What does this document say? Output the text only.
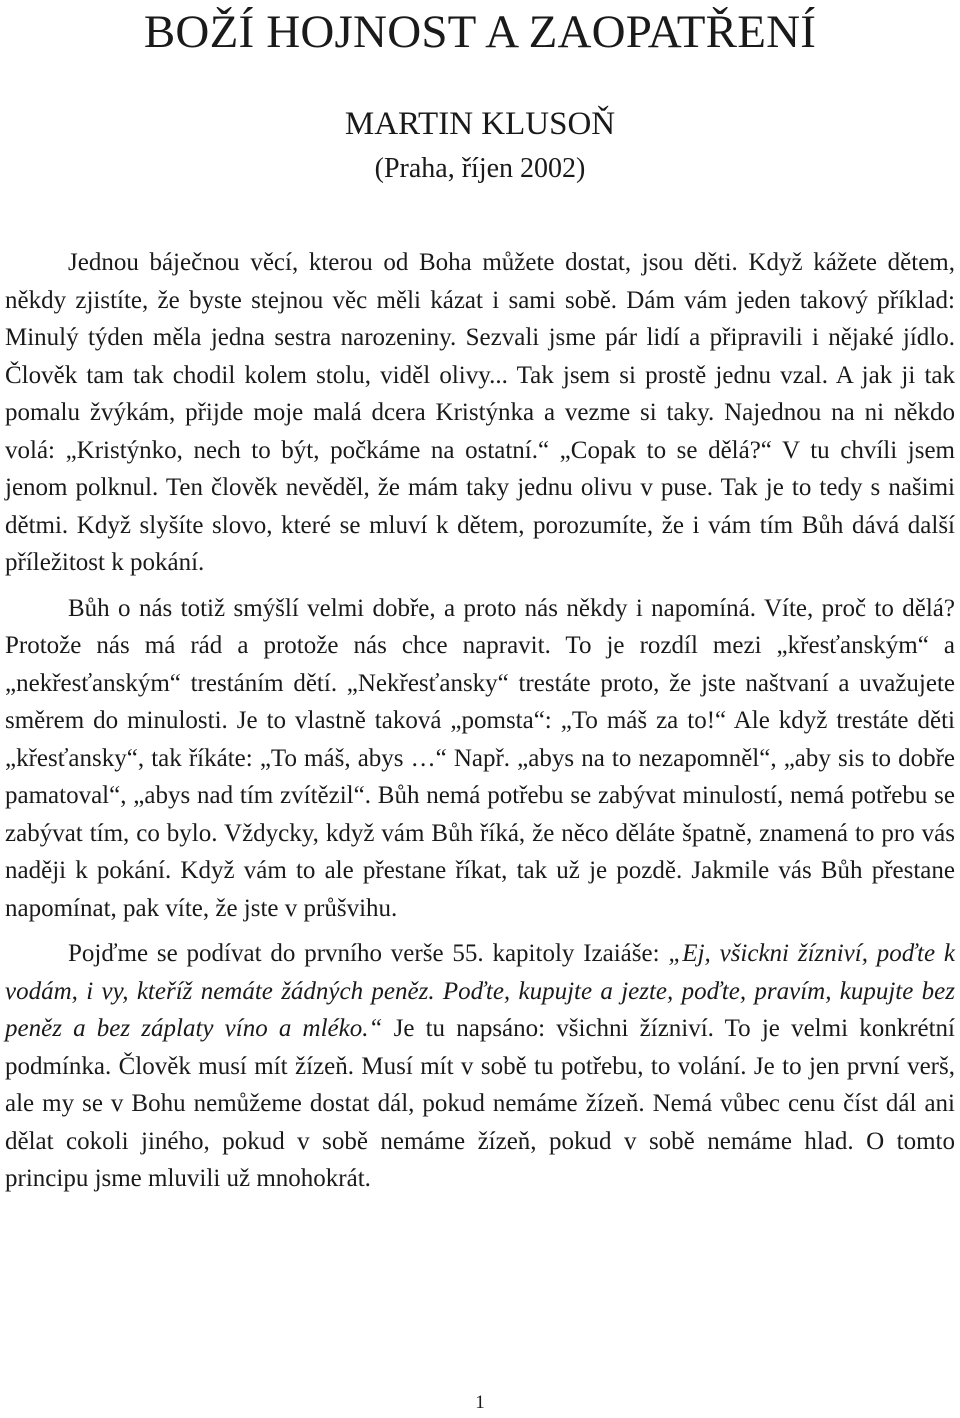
BOŽÍ HOJNOST A ZAOPATŘENÍ

MARTIN KLUSOŇ

(Praha, říjen 2002)

Jednou báječnou věcí, kterou od Boha můžete dostat, jsou děti. Když kážete dětem, někdy zjistíte, že byste stejnou věc měli kázat i sami sobě. Dám vám jeden takový příklad: Minulý týden měla jedna sestra narozeniny. Sezvali jsme pár lidí a připravili i nějaké jídlo. Člověk tam tak chodil kolem stolu, viděl olivy... Tak jsem si prostě jednu vzal. A jak ji tak pomalu žvýkám, přijde moje malá dcera Kristýnka a vezme si taky. Najednou na ni někdo volá: „Kristýnko, nech to být, počkáme na ostatní.“ „Copak to se dělá?“ V tu chvíli jsem jenom polknul. Ten člověk nevěděl, že mám taky jednu olivu v puse. Tak je to tedy s našimi dětmi. Když slyšíte slovo, které se mluví k dětem, porozumíte, že i vám tím Bůh dává další příležitost k pokání.

Bůh o nás totiž smýšlí velmi dobře, a proto nás někdy i napomíná. Víte, proč to dělá? Protože nás má rád a protože nás chce napravit. To je rozdíl mezi „křesťanským“ a „nekřesťanským“ trestáním dětí. „Nekřesťansky“ trestáte proto, že jste naštvaní a uvažujete směrem do minulosti. Je to vlastně taková „pomsta“: „To máš za to!“ Ale když trestáte děti „křesťansky“, tak říkáte: „To máš, abys …“ Např. „abys na to nezapomněl“, „aby sis to dobře pamatoval“, „abys nad tím zvítězil“. Bůh nemá potřebu se zabývat minulostí, nemá potřebu se zabývat tím, co bylo. Vždycky, když vám Bůh říká, že něco děláte špatně, znamená to pro vás naději k pokání. Když vám to ale přestane říkat, tak už je pozdě. Jakmile vás Bůh přestane napomínat, pak víte, že jste v průšvihu.

Pojďme se podívat do prvního verše 55. kapitoly Izaiáše: „Ej, všickni žízniví, poďte k vodám, i vy, kteříž nemáte žádných peněz. Poďte, kupujte a jezte, poďte, pravím, kupujte bez peněz a bez záplaty víno a mléko.“ Je tu napsáno: všichni žízniví. To je velmi konkrétní podmínka. Člověk musí mít žízeň. Musí mít v sobě tu potřebu, to volání. Je to jen první verš, ale my se v Bohu nemůžeme dostat dál, pokud nemáme žízeň. Nemá vůbec cenu číst dál ani dělat cokoli jiného, pokud v sobě nemáme žízeň, pokud v sobě nemáme hlad. O tomto principu jsme mluvili už mnohokrát.

1
